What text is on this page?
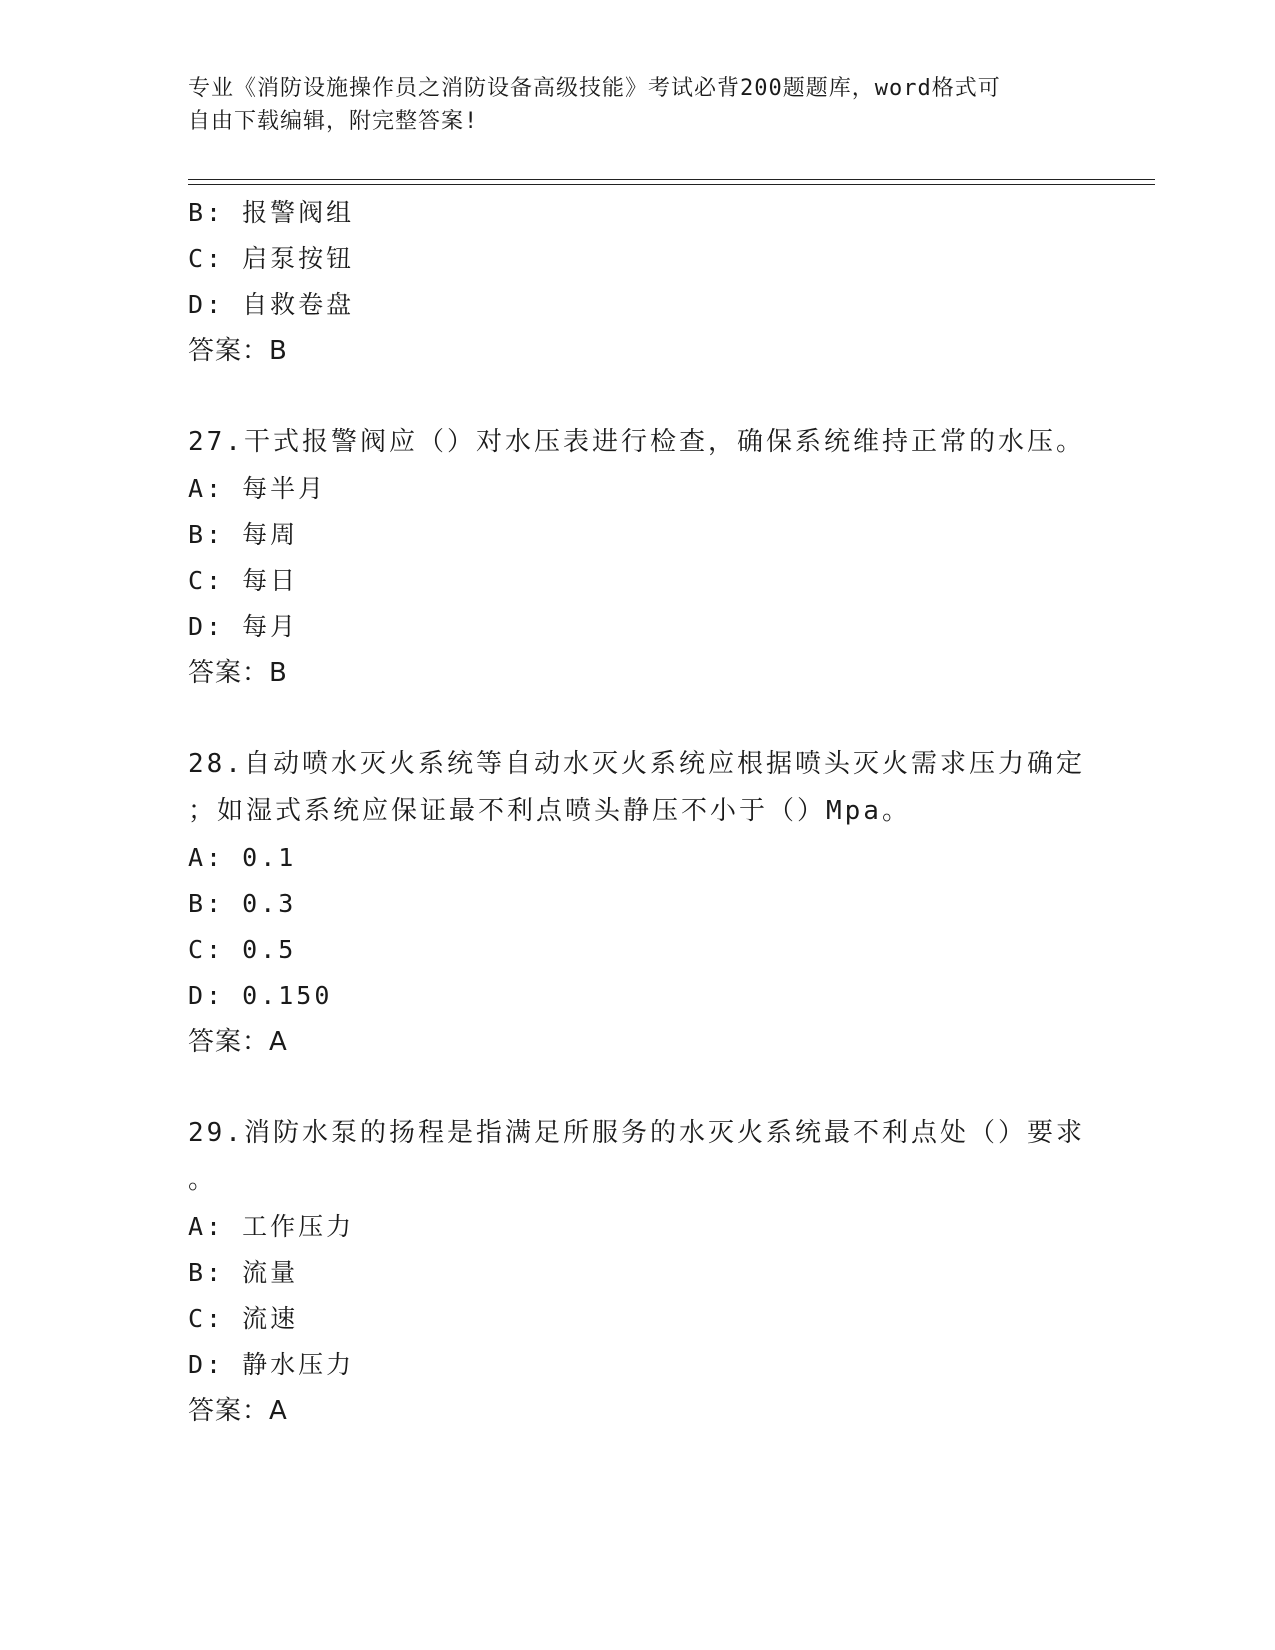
专业《消防设施操作员之消防设备高级技能》考试必背200题题库，word格式可
自由下载编辑，附完整答案!
B: 报警阀组
C: 启泵按钮
D: 自救卷盘
答案：B
27.干式报警阀应（）对水压表进行检查，确保系统维持正常的水压。
A: 每半月
B: 每周
C: 每日
D: 每月
答案：B
28.自动喷水灭火系统等自动水灭火系统应根据喷头灭火需求压力确定
；如湿式系统应保证最不利点喷头静压不小于（）Mpa。
A: 0.1
B: 0.3
C: 0.5
D: 0.150
答案：A
29.消防水泵的扬程是指满足所服务的水灭火系统最不利点处（）要求
。
A: 工作压力
B: 流量
C: 流速
D: 静水压力
答案：A
